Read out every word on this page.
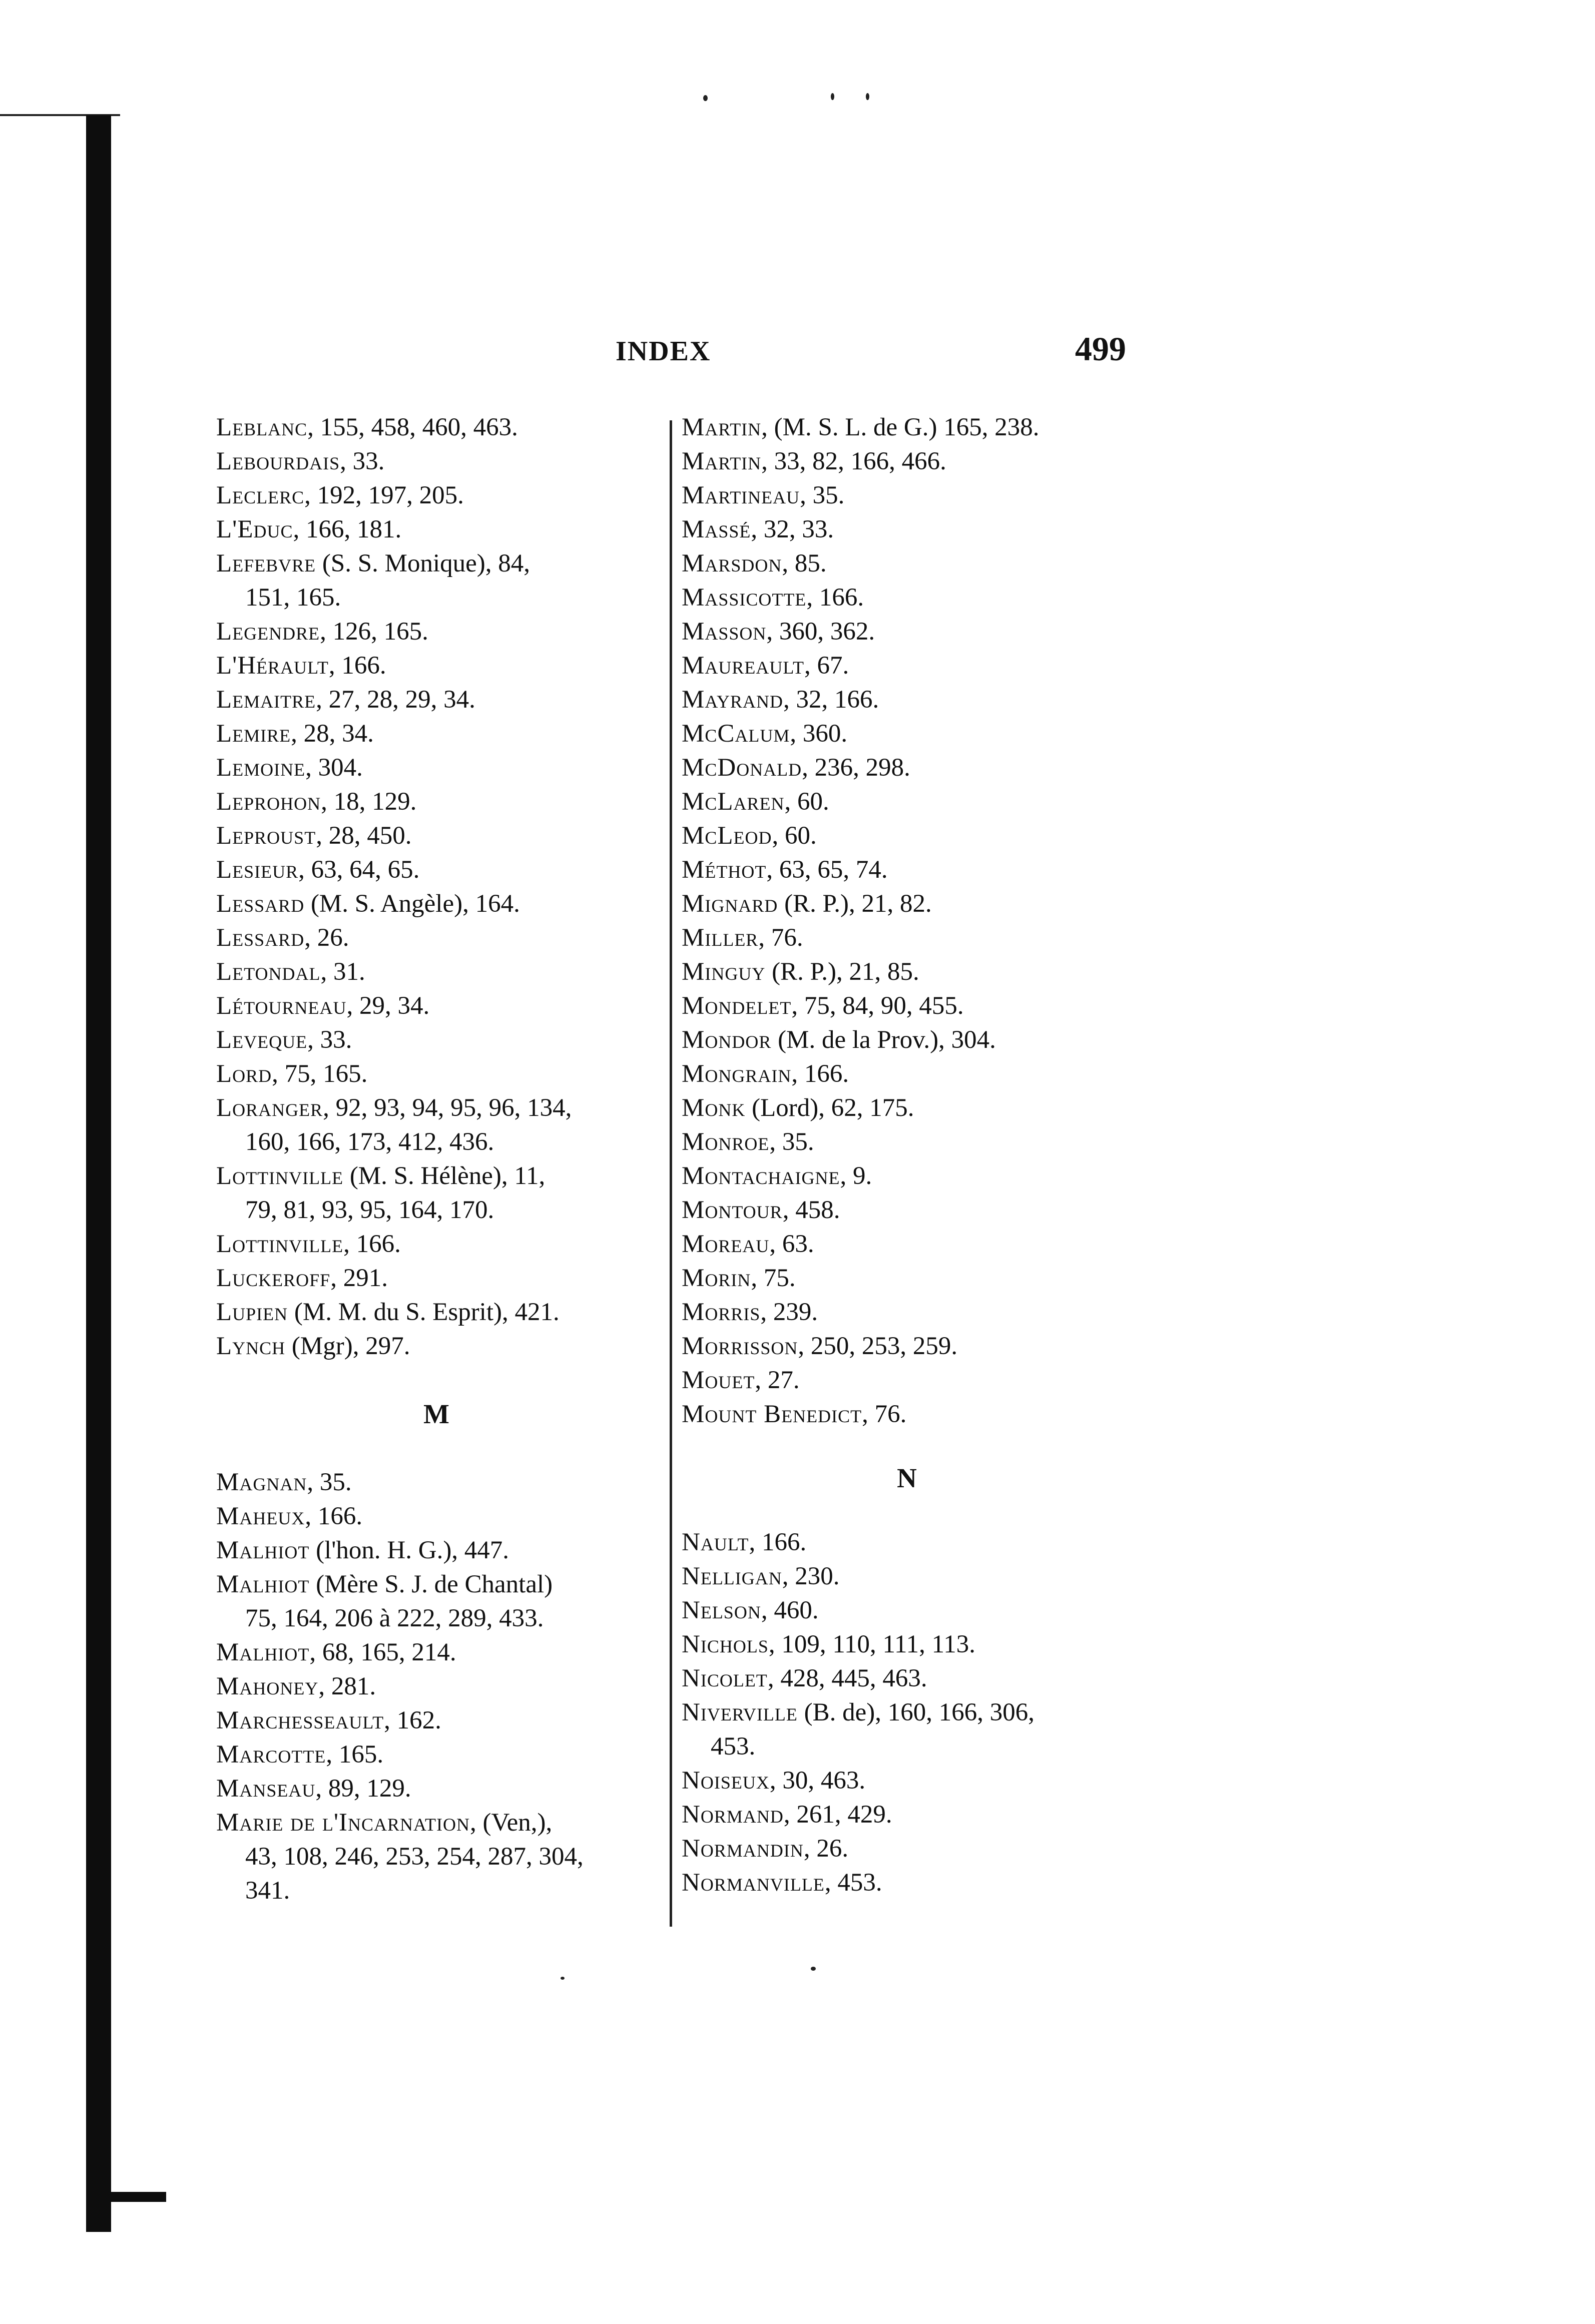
INDEX	499
Leblanc, 155, 458, 460, 463.
Lebourdais, 33.
Leclerc, 192, 197, 205.
L'Educ, 166, 181.
Lefebvre (S. S. Monique), 84,
151, 165.
Legendre, 126, 165.
L'Hérault, 166.
Lemaitre, 27, 28, 29, 34.
Lemire, 28, 34.
Lemoine, 304.
Leprohon, 18, 129.
Leproust, 28, 450.
Lesieur, 63, 64, 65.
Lessard (M. S. Angèle), 164.
Lessard, 26.
Letondal, 31.
Létourneau, 29, 34.
Leveque, 33.
Lord, 75, 165.
Loranger, 92, 93, 94, 95, 96, 134,
160, 166, 173, 412, 436.
Lottinville (M. S. Hélène), 11,
79, 81, 93, 95, 164, 170.
Lottinville, 166.
Luckeroff, 291.
Lupien (M. M. du S. Esprit), 421.
Lynch (Mgr), 297.
M
Magnan, 35.
Maheux, 166.
Malhiot (l'hon. H. G.), 447.
Malhiot (Mère S. J. de Chantal)
75, 164, 206 à 222, 289, 433.
Malhiot, 68, 165, 214.
Mahoney, 281.
Marchesseault, 162.
Marcotte, 165.
Manseau, 89, 129.
Marie de l'Incarnation, (Ven,),
43, 108, 246, 253, 254, 287, 304,
341.
Martin, (M. S. L. de G.) 165, 238.
Martin, 33, 82, 166, 466.
Martineau, 35.
Massé, 32, 33.
Marsdon, 85.
Massicotte, 166.
Masson, 360, 362.
Maureault, 67.
Mayrand, 32, 166.
McCalum, 360.
McDonald, 236, 298.
McLaren, 60.
McLeod, 60.
Méthot, 63, 65, 74.
Mignard (R. P.), 21, 82.
Miller, 76.
Minguy (R. P.), 21, 85.
Mondelet, 75, 84, 90, 455.
Mondor (M. de la Prov.), 304.
Mongrain, 166.
Monk (Lord), 62, 175.
Monroe, 35.
Montachaigne, 9.
Montour, 458.
Moreau, 63.
Morin, 75.
Morris, 239.
Morrisson, 250, 253, 259.
Mouet, 27.
Mount Benedict, 76.
N
Nault, 166.
Nelligan, 230.
Nelson, 460.
Nichols, 109, 110, 111, 113.
Nicolet, 428, 445, 463.
Niverville (B. de), 160, 166, 306,
453.
Noiseux, 30, 463.
Normand, 261, 429.
Normandin, 26.
Normanville, 453.
